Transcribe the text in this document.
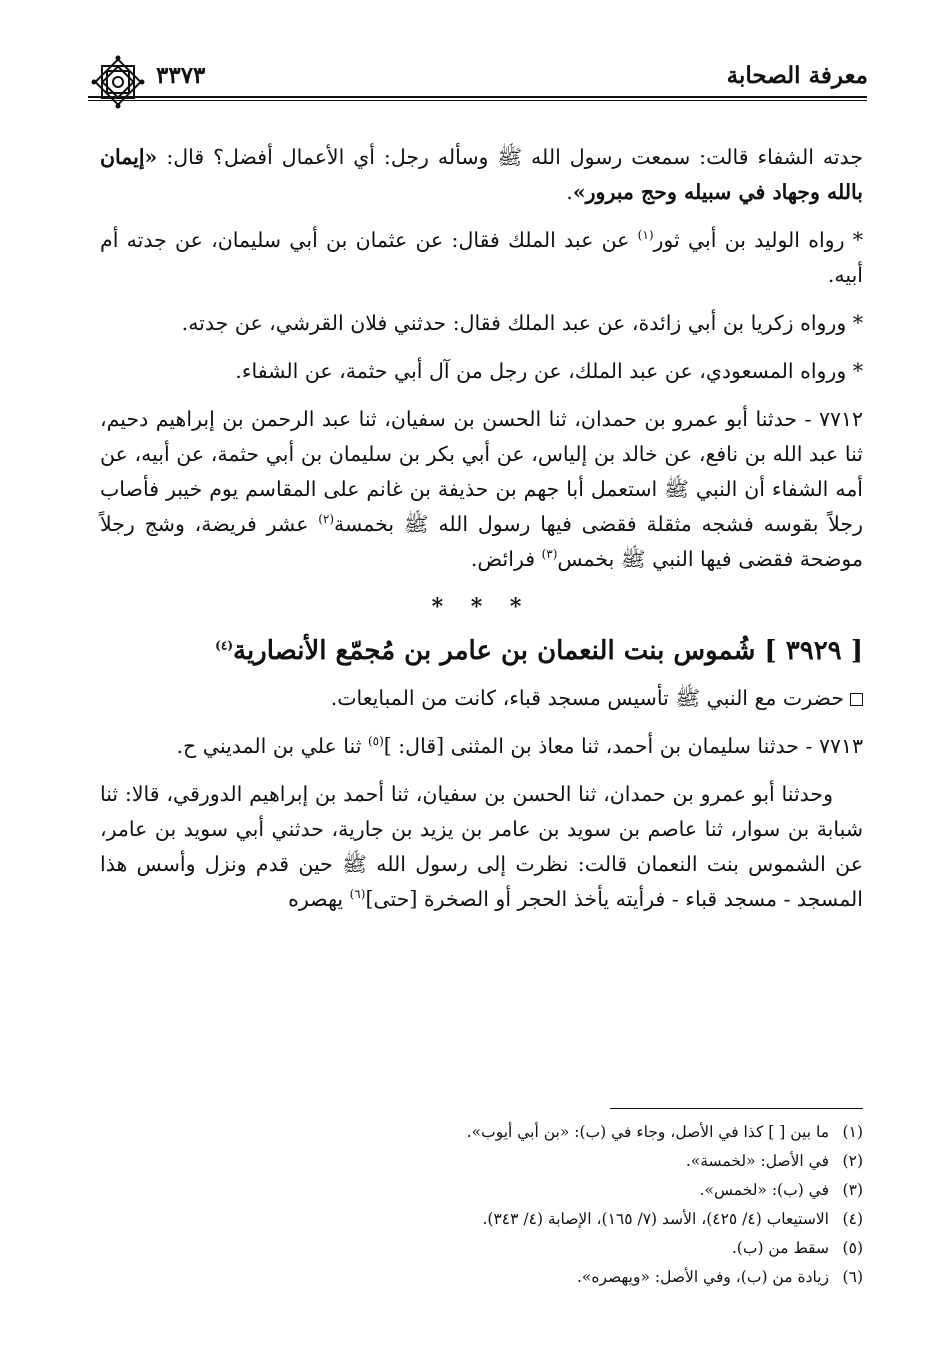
معرفة الصحابة
٣٣٧٣

جدته الشفاء قالت: سمعت رسول الله ﷺ وسأله رجل: أي الأعمال أفضل؟ قال: «إيمان بالله وجهاد في سبيله وحج مبرور».

* رواه الوليد بن أبي ثور$^{(١)}$ عن عبد الملك فقال: عن عثمان بن أبي سليمان، عن جدته أم أبيه.

* ورواه زكريا بن أبي زائدة، عن عبد الملك فقال: حدثني فلان القرشي، عن جدته.

* ورواه المسعودي، عن عبد الملك، عن رجل من آل أبي حثمة، عن الشفاء.

٧٧١٢ - حدثنا أبو عمرو بن حمدان، ثنا الحسن بن سفيان، ثنا عبد الرحمن بن إبراهيم دحيم، ثنا عبد الله بن نافع، عن خالد بن إلياس، عن أبي بكر بن سليمان بن أبي حثمة، عن أبيه، عن أمه الشفاء أن النبي ﷺ استعمل أبا جهم بن حذيفة بن غانم على المقاسم يوم خيبر فأصاب رجلاً بقوسه فشجه مثقلة فقضى فيها رسول الله ﷺ بخمسة$^{(٢)}$ عشر فريضة، وشج رجلاً موضحة فقضى فيها النبي ﷺ بخمس$^{(٣)}$ فرائض.

* * *
[ ٣٩٢٩ ] شُموس بنت النعمان بن عامر بن مُجمّع الأنصارية$^{(٤)}$

حضرت مع النبي ﷺ تأسيس مسجد قباء، كانت من المبايعات.

٧٧١٣ - حدثنا سليمان بن أحمد، ثنا معاذ بن المثنى [قال: ]$^{(٥)}$ ثنا علي بن المديني ح.

وحدثنا أبو عمرو بن حمدان، ثنا الحسن بن سفيان، ثنا أحمد بن إبراهيم الدورقي، قالا: ثنا شبابة بن سوار، ثنا عاصم بن سويد بن عامر بن يزيد بن جارية، حدثني أبي سويد بن عامر، عن الشموس بنت النعمان قالت: نظرت إلى رسول الله ﷺ حين قدم ونزل وأسس هذا المسجد - مسجد قباء - فرأيته يأخذ الحجر أو الصخرة [حتى]$^{(٦)}$ يهصره

(١)ما بين [ ] كذا في الأصل، وجاء في (ب): «بن أبي أيوب».
(٢)في الأصل: «لخمسة».
(٣)في (ب): «لخمس».
(٤)الاستيعاب (٤/ ٤٢٥)، الأسد (٧/ ١٦٥)، الإصابة (٤/ ٣٤٣).
(٥)سقط من (ب).
(٦)زيادة من (ب)، وفي الأصل: «ويهصره».
